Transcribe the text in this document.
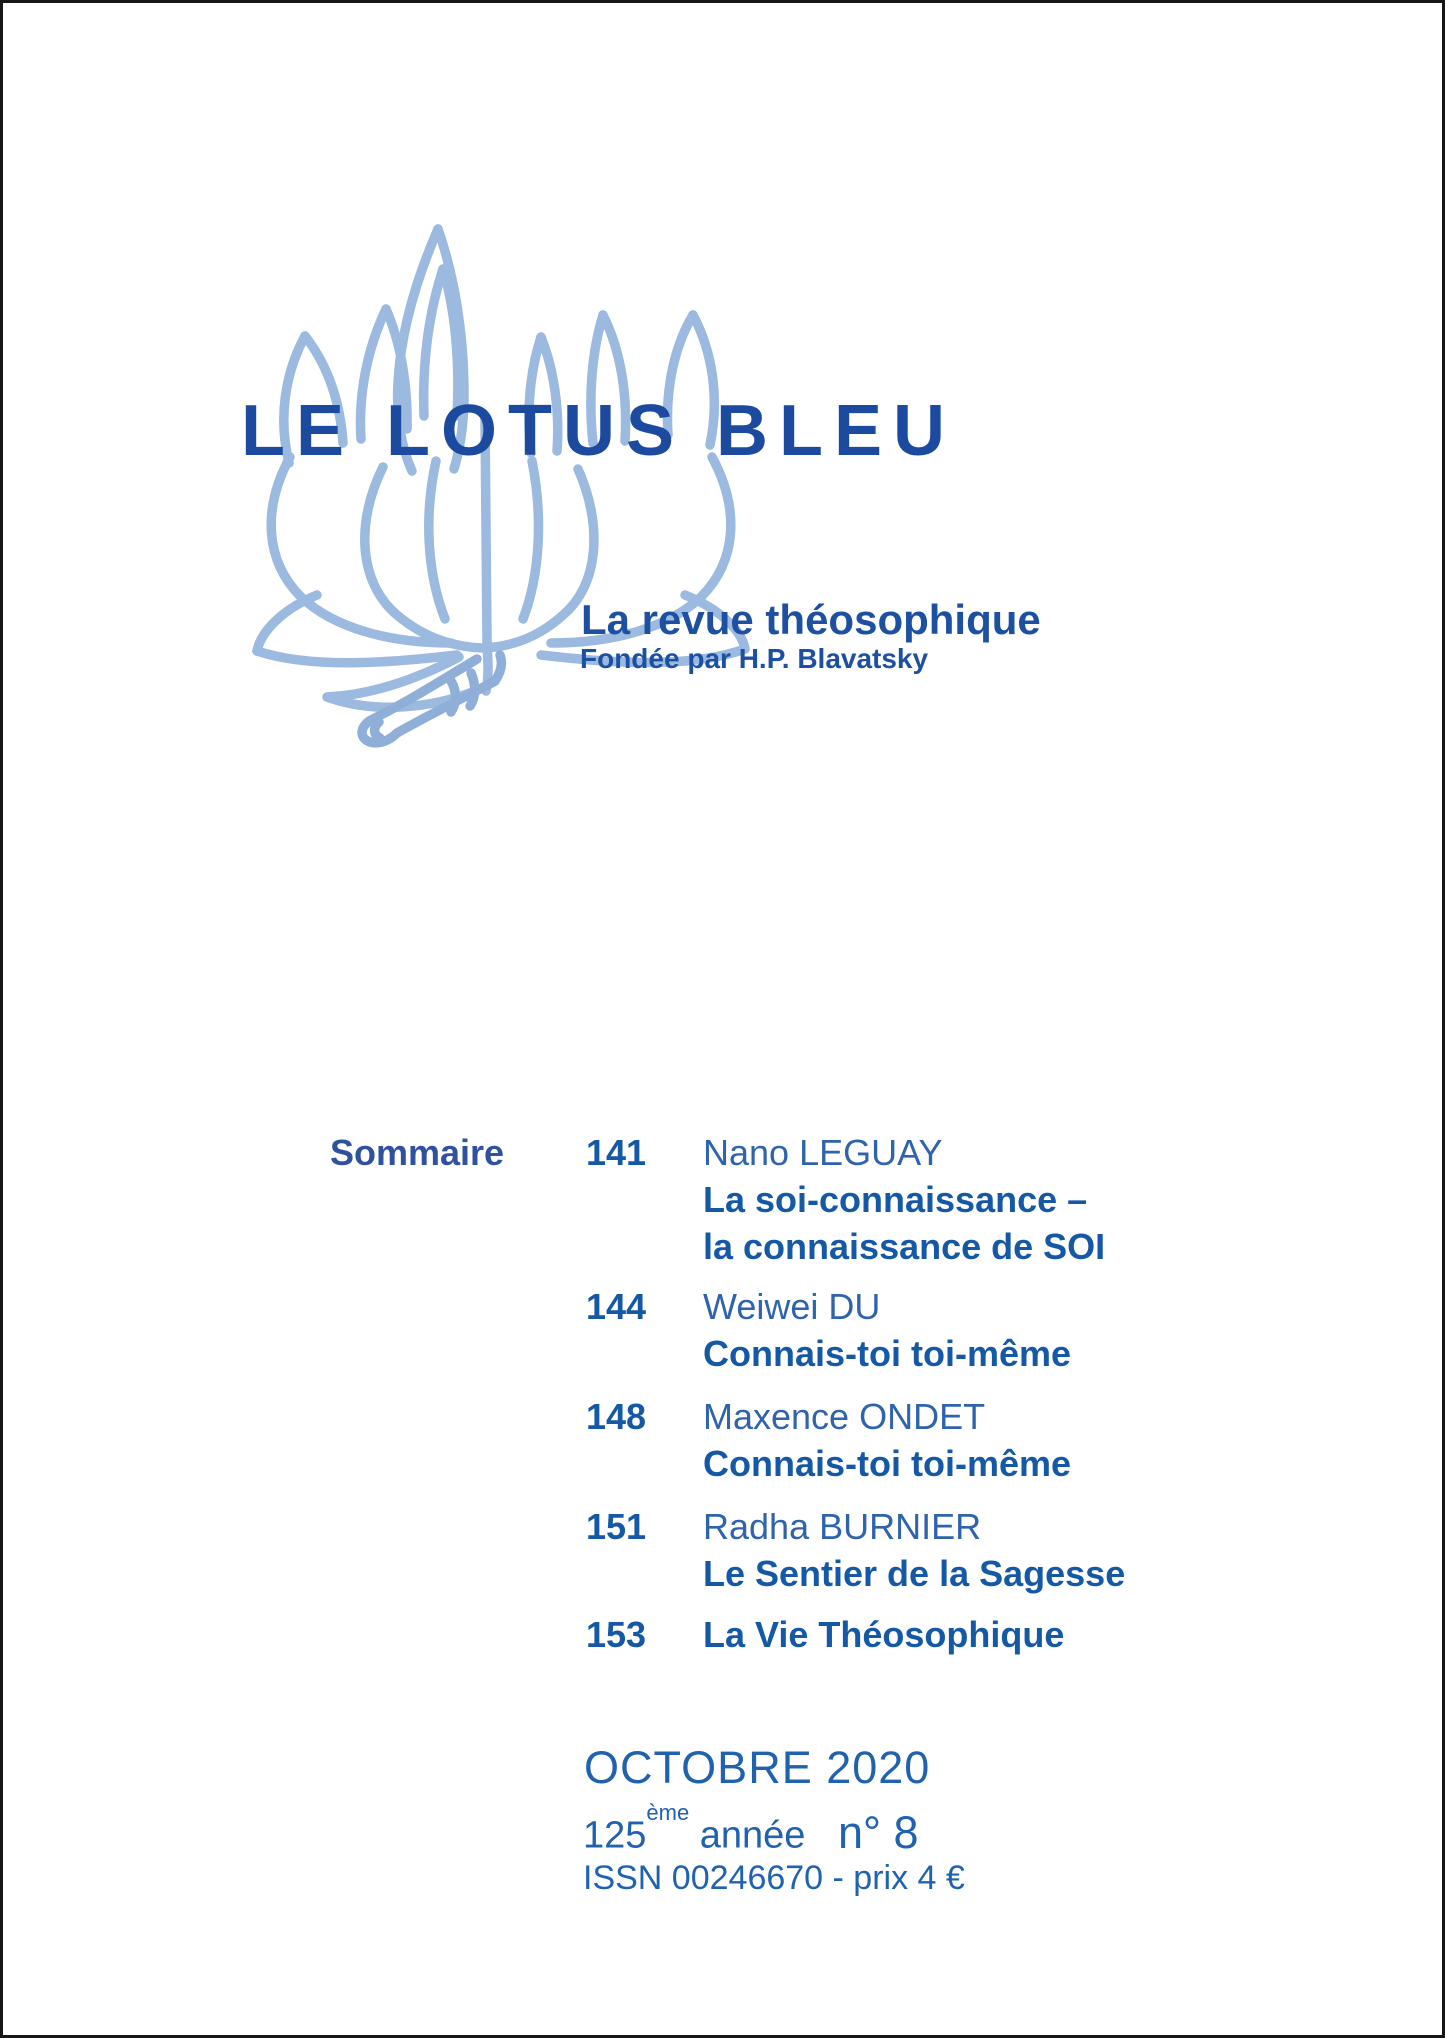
LE LOTUS BLEU
La revue théosophique
Fondée par H.P. Blavatsky
Sommaire 141 Nano LEGUAY
La soi-connaissance –
la connaissance de SOI
144 Weiwei DU
Connais-toi toi-même
148 Maxence ONDET
Connais-toi toi-même
151 Radha BURNIER
Le Sentier de la Sagesse
153 La Vie Théosophique
OCTOBRE 2020
125ème année n° 8
ISSN 00246670 - prix 4 €
